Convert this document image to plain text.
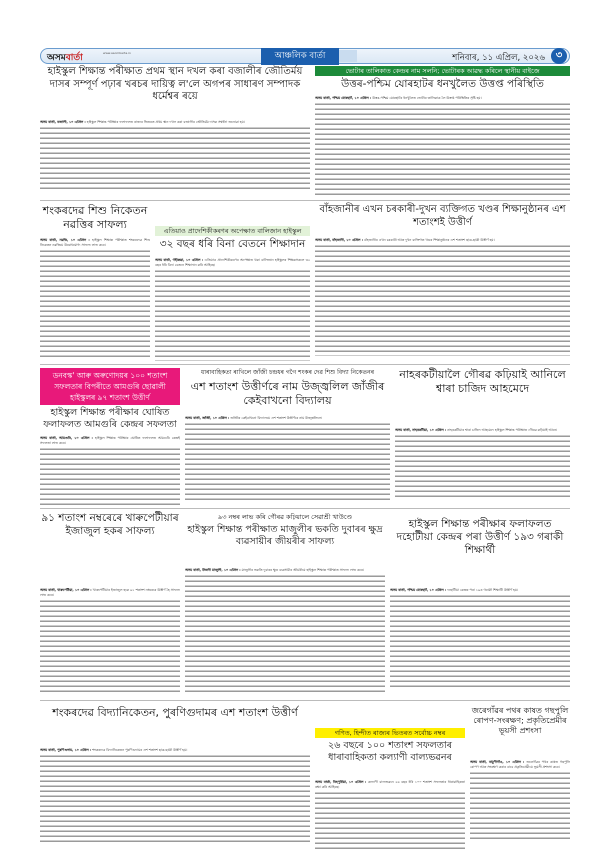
অসমবাৰ্তা	www.asombarta.in	আঞ্চলিক বাৰ্তা	শনিবাৰ, ১১ এপ্ৰিল, ২০২৬	৩
হাইস্কুল শিক্ষান্ত পৰীক্ষাত প্ৰথম স্থান দখল কৰা বজালীৰ জৌতিৰ্ময় দাসৰ সম্পূৰ্ণ পঢ়াৰ খৰচৰ দায়িত্ব ল'লে অগপৰ সাধাৰণ সম্পাদক ধৰ্মেশ্বৰ ৰয়ে
অসম বাৰ্তা, বজালী, ১০ এপ্ৰিল : হাইস্কুল শিক্ষান্ত পৰীক্ষাৰ ফলাফলত ৰাজ্যৰ ভিতৰত প্ৰথম স্থান দখল কৰা বজালীৰ জৌতিৰ্ময় দাসক সম্বৰ্ধনা জনোৱা হয়।
ভোটাৰ তালিকাত কেন্দ্ৰৰ নাম সলনি; ভোটাৰক আৱদ্ধ কৰিলে স্থানীয় বাইজে
উত্তৰ-পশ্চিম যোৰহাটৰ ধনখুলৈত উত্তপ্ত পৰিস্থিতি
অসম বাৰ্তা, পশ্চিম যোৰহাট, ১০ এপ্ৰিল : উত্তৰ-পশ্চিম যোৰহাটৰ ধনখুলৈত ভোটাৰ তালিকাক লৈ উত্তপ্ত পৰিস্থিতিৰ সৃষ্টি হয়।
শংকৰদেৱ শিশু নিকেতন নৱত্তিৰ সাফল্য
অসম বাৰ্তা, নৱত্তি, ১০ এপ্ৰিল : হাইস্কুল শিক্ষান্ত পৰীক্ষাত শংকৰদেৱ শিশু নিকেতন নৱত্তিয়ে উল্লেখযোগ্য সাফল্য লাভ কৰে।
এতিয়াও প্ৰাদেশিকীকৰণৰ অপেক্ষাত বালিজান হাইস্কুল
৩২ বছৰ ধৰি বিনা বেতনে শিক্ষাদান
অসম বাৰ্তা, গহীৰুৱা, ১০ এপ্ৰিল : এতিয়াও প্ৰাদেশিকীকৰণৰ অপেক্ষাত থকা বালিজান হাইস্কুলৰ শিক্ষকসকলে ৩২ বছৰ ধৰি বিনা বেতনে শিক্ষাদান কৰি আহিছে।
বাঁহজানীৰ এখন চৰকাৰী-দুখন ব্যক্তিগত খণ্ডৰ শিক্ষানুষ্ঠানৰ এশ শতাংশই উত্তীৰ্ণ
অসম বাৰ্তা, বাঁহজানী, ১০ এপ্ৰিল : বাঁহজানীৰ এখন চৰকাৰী আৰু দুখন ব্যক্তিগত খণ্ডৰ শিক্ষানুষ্ঠানৰ এশ শতাংশ ছাত্ৰ-ছাত্ৰী উত্তীৰ্ণ হয়।
ডনবস্ক' আৰু অৰুণোদয়ৰ ১০০ শতাংশ সফলতাৰ বিপৰীতে আমগুৰি ছোৱালী হাইস্কুলৰ ৯৭ শতাংশ উত্তীৰ্ণ
হাইস্কুল শিক্ষান্ত পৰীক্ষাৰ ঘোষিত ফলাফলত আমগুৰি কেন্দ্ৰৰ সফলতা
অসম বাৰ্তা, আমগুৰি, ১০ এপ্ৰিল : হাইস্কুল শিক্ষান্ত পৰীক্ষাৰ ঘোষিত ফলাফলত আমগুৰি কেন্দ্ৰই সফলতা লাভ কৰে।
ধাৰাবাহিকতা ৰাখিলে জাঁজী চন্দ্ৰধৰ গগৈ শংকৰ দেৱ শিশু বিদ্যা নিকেতনৰ
এশ শতাংশ উত্তীৰ্ণৰে নাম উজ্জ্বলিল জাঁজীৰ কেইবাখনো বিদ্যালয়
অসম বাৰ্তা, জাঁজী, ১০ এপ্ৰিল : জাঁজীৰ কেইবাখনো বিদ্যালয়ে এশ শতাংশ উত্তীৰ্ণৰে নাম উজ্জ্বলিলে।
নাহৰকটীয়ালৈ গৌৰৱ কঢ়িয়াই আনিলে শ্বাৰা চাজিদ আহমেদে
অসম বাৰ্তা, নাহৰকটীয়া, ১০ এপ্ৰিল : নাহৰকটীয়াৰ শ্বাৰা চাজিদ আহমেদে হাইস্কুল শিক্ষান্ত পৰীক্ষাত গৌৰৱ কঢ়িয়াই আনে।
৯১ শতাংশ নম্বৰেৰে খাৰুপেটীয়াৰ ইজাজুল হকৰ সাফল্য
অসম বাৰ্তা, খাৰুপেটীয়া, ১০ এপ্ৰিল : খাৰুপেটীয়াৰ ইজাজুল হকে ৯১ শতাংশ নম্বৰেৰে উত্তীৰ্ণ হৈ সাফল্য লাভ কৰে।
৯৩ নম্বৰ লাভ কৰি গৌৰৱ কঢ়িয়ালে সেৱাশ্ৰী খাউণ্ডে
হাইস্কুল শিক্ষান্ত পৰীক্ষাত মাজুলীৰ ভকতি দুবাৰৰ ক্ষুদ্ৰ ব্যৱসায়ীৰ জীয়ৰীৰ সাফল্য
অসম বাৰ্তা, উজনী মাজুলী, ১০ এপ্ৰিল : মাজুলীৰ ভকতি দুবাৰৰ ক্ষুদ্ৰ ব্যৱসায়ীৰ জীয়ৰীয়ে হাইস্কুল শিক্ষান্ত পৰীক্ষাত সাফল্য লাভ কৰে।
হাইস্কুল শিক্ষান্ত পৰীক্ষাৰ ফলাফলত দহোটীয়া কেন্দ্ৰৰ পৰা উত্তীৰ্ণ ১৯৩ গৰাকী শিক্ষাৰ্থী
অসম বাৰ্তা, পশ্চিম যোৰহাট, ১০ এপ্ৰিল : দহোটীয়া কেন্দ্ৰৰ পৰা ১৯৩ গৰাকী শিক্ষাৰ্থী উত্তীৰ্ণ হয়।
শংকৰদেৱ বিদ্যানিকেতন, পুৰণিগুদামৰ এশ শতাংশ উত্তীৰ্ণ
অসম বাৰ্তা, পুৰণিগুদাম, ১০ এপ্ৰিল : শংকৰদেৱ বিদ্যানিকেতন পুৰণিগুদামৰ এশ শতাংশ ছাত্ৰ-ছাত্ৰী উত্তীৰ্ণ হয়।
গণিত, হিন্দীত ৰাজ্যৰ ভিতৰত সৰ্বোচ্চ নম্বৰ
২৬ বছৰে ১০০ শতাংশ সফলতাৰ ধাৰাবাহিকতা কল্যাণী বাল্যভৱনৰ
অসম বাৰ্তা, বিহপুৰীয়া, ১০ এপ্ৰিল : কল্যাণী বাল্যভৱনে ২৬ বছৰ ধৰি ১০০ শতাংশ সফলতাৰ ধাৰাবাহিকতা ৰক্ষা কৰি আহিছে।
জৰেগাঁৱৰ পথৰ কাষত গছপুলি ৰোপণ-সংৰক্ষণ; প্ৰকৃতিপ্ৰেমীৰ ভূয়সী প্ৰশংসা
অসম বাৰ্তা, বামুণীগাঁও, ১০ এপ্ৰিল : জৰেগাঁৱৰ পথৰ কাষত গছপুলি ৰোপণ আৰু সংৰক্ষণ কৰাৰ বাবে প্ৰকৃতিপ্ৰেমীয়ে ভূয়সী প্ৰশংসা কৰে।
